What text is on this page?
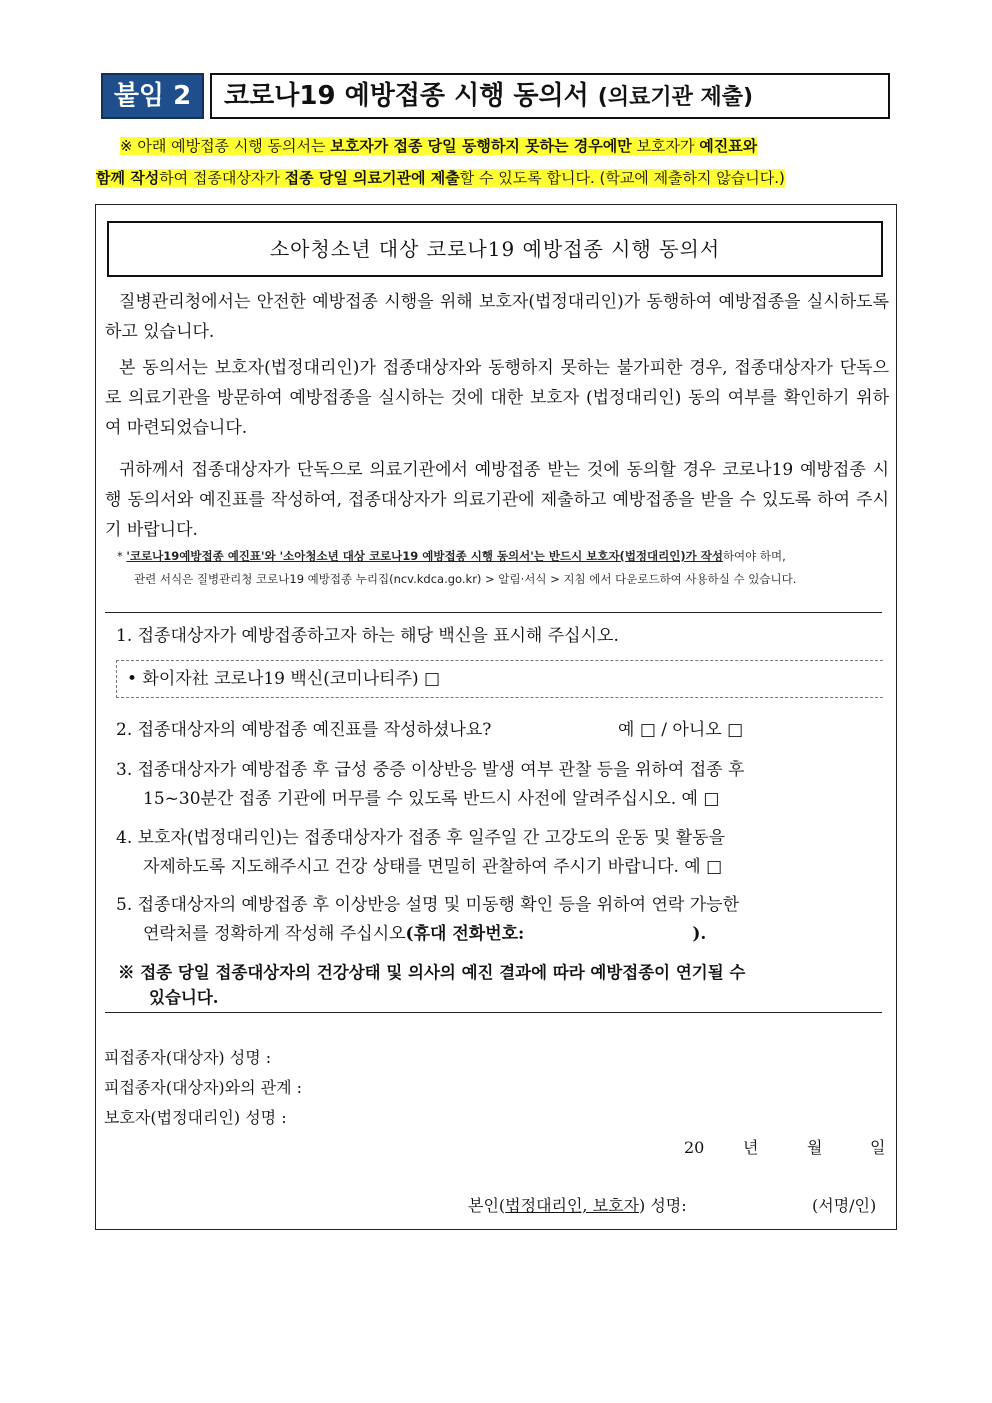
붙임 2	코로나19 예방접종 시행 동의서 (의료기관 제출)
※ 아래 예방접종 시행 동의서는 보호자가 접종 당일 동행하지 못하는 경우에만 보호자가 예진표와
함께 작성하여 접종대상자가 접종 당일 의료기관에 제출할 수 있도록 합니다. (학교에 제출하지 않습니다.)
소아청소년 대상 코로나19 예방접종 시행 동의서
질병관리청에서는 안전한 예방접종 시행을 위해 보호자(법정대리인)가 동행하여 예방접종을 실시하도록 하고 있습니다.
본 동의서는 보호자(법정대리인)가 접종대상자와 동행하지 못하는 불가피한 경우, 접종대상자가 단독으로 의료기관을 방문하여 예방접종을 실시하는 것에 대한 보호자 (법정대리인) 동의 여부를 확인하기 위하여 마련되었습니다.
귀하께서 접종대상자가 단독으로 의료기관에서 예방접종 받는 것에 동의할 경우 코로나19 예방접종 시행 동의서와 예진표를 작성하여, 접종대상자가 의료기관에 제출하고 예방접종을 받을 수 있도록 하여 주시기 바랍니다.
* '코로나19예방접종 예진표'와 '소아청소년 대상 코로나19 예방접종 시행 동의서'는 반드시 보호자(법정대리인)가 작성하여야 하며,
관련 서식은 질병관리청 코로나19 예방접종 누리집(ncv.kdca.go.kr) > 알림·서식 > 지침 에서 다운로드하여 사용하실 수 있습니다.
1. 접종대상자가 예방접종하고자 하는 해당 백신을 표시해 주십시오.
• 화이자社 코로나19 백신(코미나티주) □
2. 접종대상자의 예방접종 예진표를 작성하셨나요?	예 □ / 아니오 □
3. 접종대상자가 예방접종 후 급성 중증 이상반응 발생 여부 관찰 등을 위하여 접종 후
15~30분간 접종 기관에 머무를 수 있도록 반드시 사전에 알려주십시오. 예 □
4. 보호자(법정대리인)는 접종대상자가 접종 후 일주일 간 고강도의 운동 및 활동을
자제하도록 지도해주시고 건강 상태를 면밀히 관찰하여 주시기 바랍니다. 예 □
5. 접종대상자의 예방접종 후 이상반응 설명 및 미동행 확인 등을 위하여 연락 가능한
연락처를 정확하게 작성해 주십시오(휴대 전화번호:	).
※ 접종 당일 접종대상자의 건강상태 및 의사의 예진 결과에 따라 예방접종이 연기될 수
있습니다.
피접종자(대상자) 성명 :
피접종자(대상자)와의 관계 :
보호자(법정대리인) 성명 :
20 년	월	일
본인(법정대리인, 보호자) 성명:	(서명/인)
